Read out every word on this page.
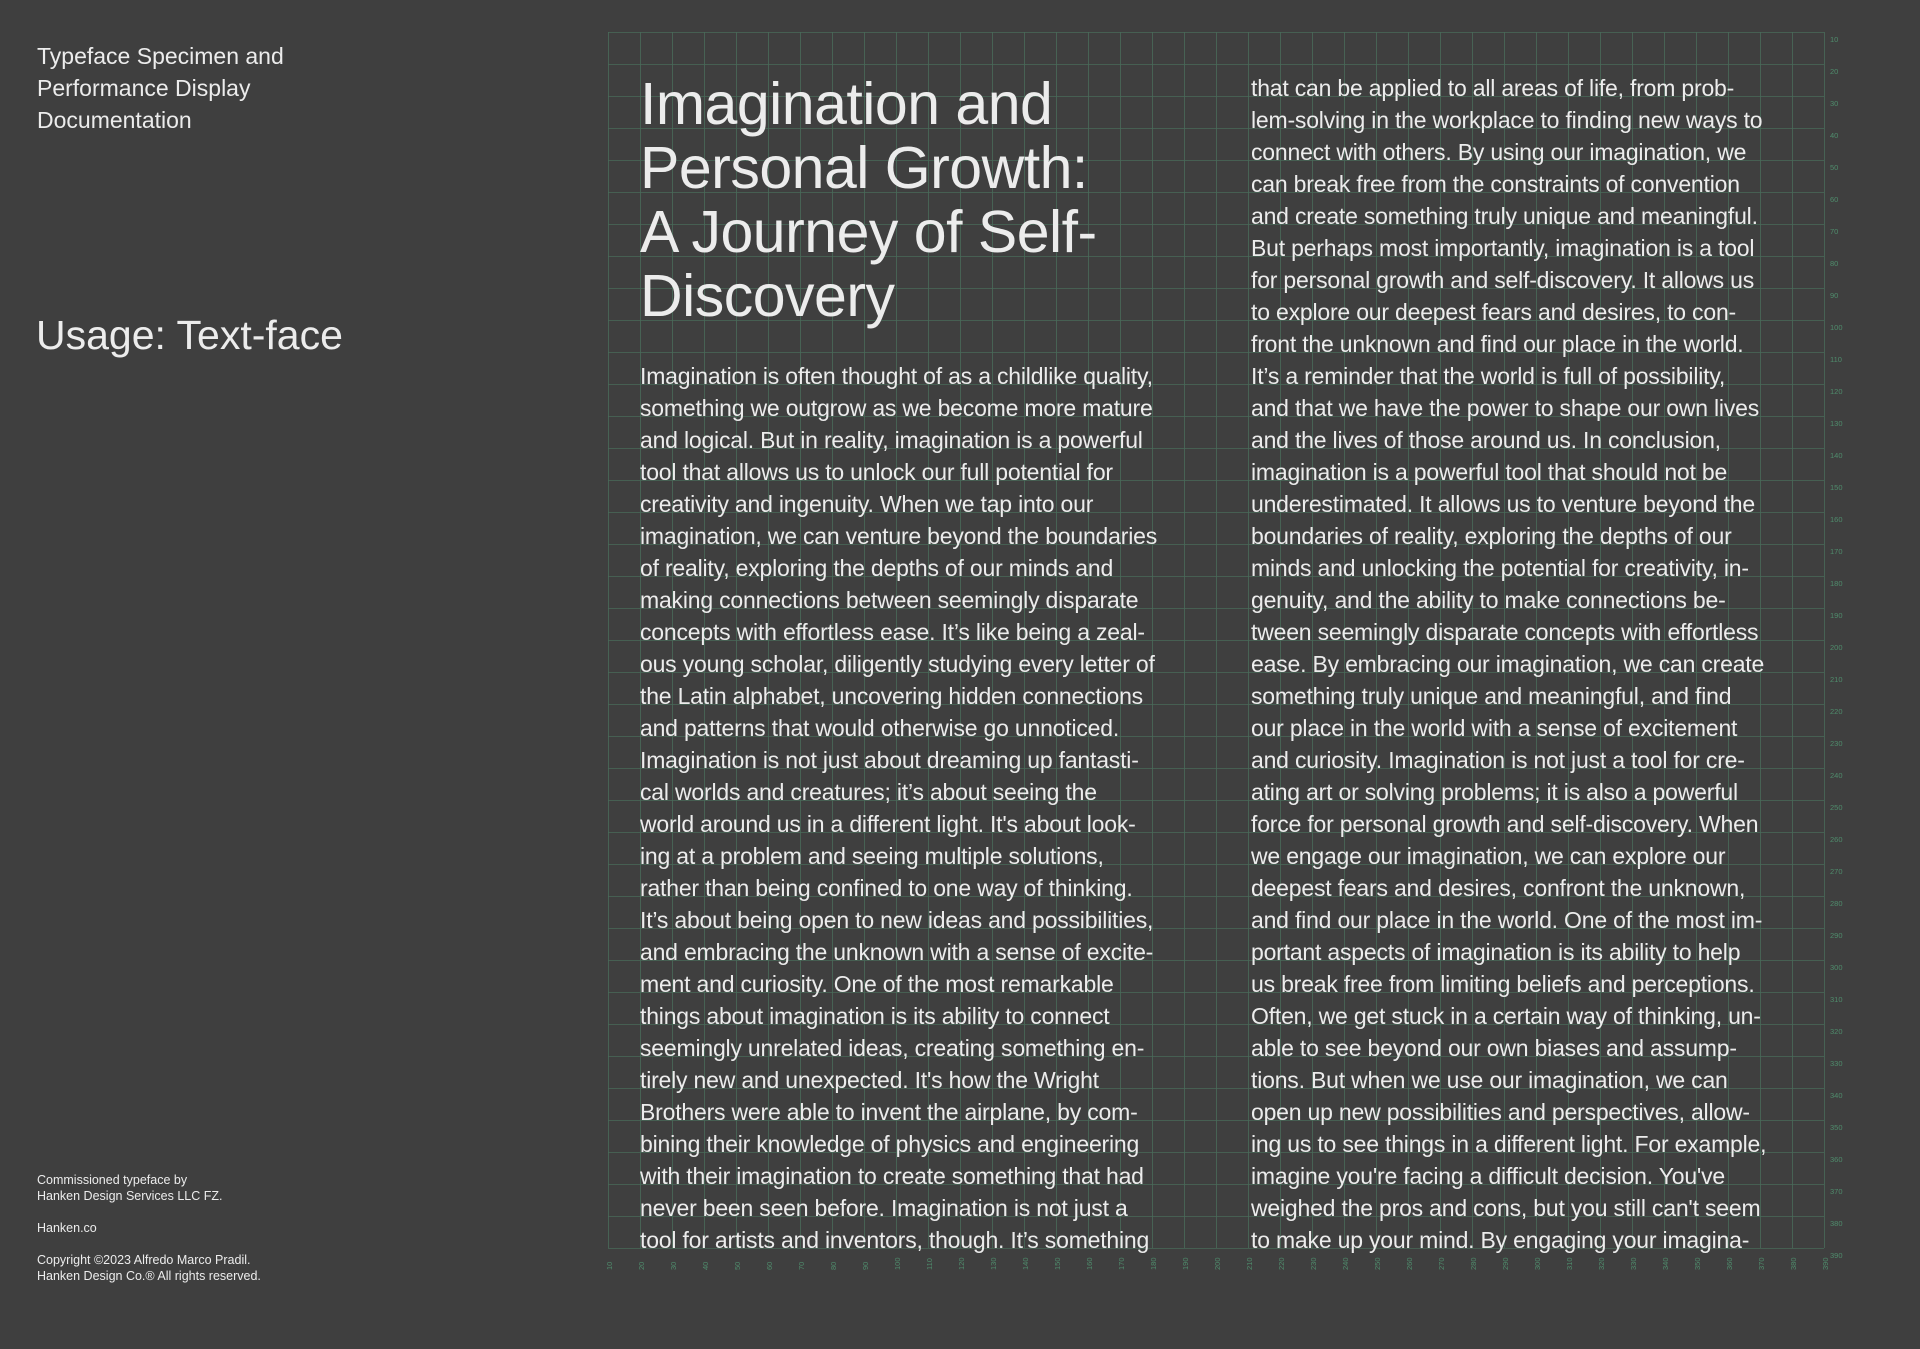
Typeface Specimen and
Performance Display
Documentation
Usage: Text-face

Commissioned typeface by
Hanken Design Services LLC FZ.

Hanken.co

Copyright ©2023 Alfredo Marco Pradil.
Hanken Design Co.® All rights reserved.

10
10
20
20
30
30
40
40
50
50
60
60
70
70
80
80
90
90
100
100
110
110
120
120
130
130
140
140
150
150
160
160
170
170
180
180
190
190
200
200
210
210
220
220
230
230
240
240
250
250
260
260
270
270
280
280
290
290
300
300
310
310
320
320
330
330
340
340
350
350
360
360
370
370
380
380
390
390
Imagination and
Personal Growth:
A Journey of Self-
Discovery
Imagination is often thought of as a childlike quality,
something we outgrow as we become more mature
and logical. But in reality, imagination is a powerful
tool that allows us to unlock our full potential for
creativity and ingenuity. When we tap into our
imagination, we can venture beyond the boundaries
of reality, exploring the depths of our minds and
making connections between seemingly disparate
concepts with effortless ease. It’s like being a zeal-
ous young scholar, diligently studying every letter of
the Latin alphabet, uncovering hidden connections
and patterns that would otherwise go unnoticed.
Imagination is not just about dreaming up fantasti-
cal worlds and creatures; it’s about seeing the
world around us in a different light. It's about look-
ing at a problem and seeing multiple solutions,
rather than being confined to one way of thinking.
It’s about being open to new ideas and possibilities,
and embracing the unknown with a sense of excite-
ment and curiosity. One of the most remarkable
things about imagination is its ability to connect
seemingly unrelated ideas, creating something en-
tirely new and unexpected. It's how the Wright
Brothers were able to invent the airplane, by com-
bining their knowledge of physics and engineering
with their imagination to create something that had
never been seen before. Imagination is not just a
tool for artists and inventors, though. It’s something
that can be applied to all areas of life, from prob-
lem-solving in the workplace to finding new ways to
connect with others. By using our imagination, we
can break free from the constraints of convention
and create something truly unique and meaningful.
But perhaps most importantly, imagination is a tool
for personal growth and self-discovery. It allows us
to explore our deepest fears and desires, to con-
front the unknown and find our place in the world.
It’s a reminder that the world is full of possibility,
and that we have the power to shape our own lives
and the lives of those around us. In conclusion,
imagination is a powerful tool that should not be
underestimated. It allows us to venture beyond the
boundaries of reality, exploring the depths of our
minds and unlocking the potential for creativity, in-
genuity, and the ability to make connections be-
tween seemingly disparate concepts with effortless
ease. By embracing our imagination, we can create
something truly unique and meaningful, and find
our place in the world with a sense of excitement
and curiosity. Imagination is not just a tool for cre-
ating art or solving problems; it is also a powerful
force for personal growth and self-discovery. When
we engage our imagination, we can explore our
deepest fears and desires, confront the unknown,
and find our place in the world. One of the most im-
portant aspects of imagination is its ability to help
us break free from limiting beliefs and perceptions.
Often, we get stuck in a certain way of thinking, un-
able to see beyond our own biases and assump-
tions. But when we use our imagination, we can
open up new possibilities and perspectives, allow-
ing us to see things in a different light. For example,
imagine you're facing a difficult decision. You've
weighed the pros and cons, but you still can't seem
to make up your mind. By engaging your imagina-
